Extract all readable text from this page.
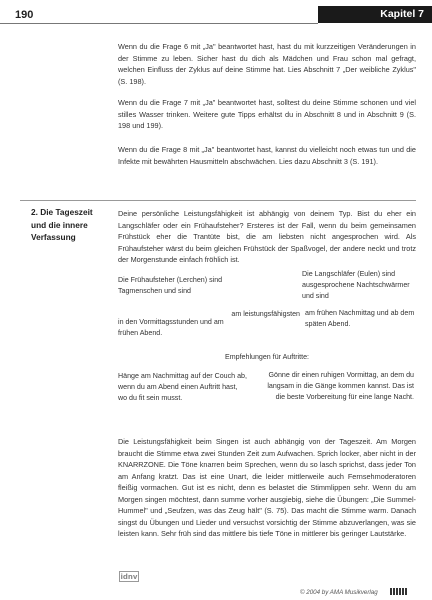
190	Kapitel 7

Wenn du die Frage 6 mit „Ja" beantwortet hast, hast du mit kurzzeitigen Veränderungen in der Stimme zu leben. Sicher hast du dich als Mädchen und Frau schon mal gefragt, welchen Einfluss der Zyklus auf deine Stimme hat. Lies Abschnitt 7 „Der weibliche Zyklus" (S. 198).

Wenn du die Frage 7 mit „Ja" beantwortet hast, solltest du deine Stimme schonen und viel stilles Wasser trinken. Weitere gute Tipps erhältst du in Abschnitt 8 und in Abschnitt 9 (S. 198 und 199).

Wenn du die Frage 8 mit „Ja" beantwortet hast, kannst du vielleicht noch etwas tun und die Infekte mit bewährten Hausmitteln abschwächen. Lies dazu Abschnitt 3 (S. 191).

2. Die Tageszeit und die innere Verfassung

Deine persönliche Leistungsfähigkeit ist abhängig von deinem Typ. Bist du eher ein Langschläfer oder ein Frühaufsteher? Ersteres ist der Fall, wenn du beim gemeinsamen Frühstück eher die Trantüte bist, die am liebsten nicht angesprochen wird. Als Frühaufsteher wärst du beim gleichen Frühstück der Spaßvogel, der andere neckt und trotz der Morgenstunde einfach fröhlich ist.

Die Frühaufsteher (Lerchen) sind Tagmenschen und sind

Die Langschläfer (Eulen) sind ausgesprochene Nachtschwärmer und sind

am leistungsfähigsten

in den Vormittagsstunden und am frühen Abend.

am frühen Nachmittag und ab dem späten Abend.

Empfehlungen für Auftritte:

Hänge am Nachmittag auf der Couch ab, wenn du am Abend einen Auftritt hast, wo du fit sein musst.

Gönne dir einen ruhigen Vormittag, an dem du langsam in die Gänge kommen kannst. Das ist die beste Vorbereitung für eine lange Nacht.

Die Leistungsfähigkeit beim Singen ist auch abhängig von der Tageszeit. Am Morgen braucht die Stimme etwa zwei Stunden Zeit zum Aufwachen. Sprich locker, aber nicht in der KNARRZONE. Die Töne knarren beim Sprechen, wenn du so lasch sprichst, dass jeder Ton am Anfang kratzt. Das ist eine Unart, die leider mittlerweile auch Fernsehmoderatoren fleißig vormachen. Gut ist es nicht, denn es belastet die Stimmlippen sehr. Wenn du am Morgen singen möchtest, dann summe vorher ausgiebig, siehe die Übungen: „Die Summel-Hummel" und „Seufzen, was das Zeug hält" (S. 75). Das macht die Stimme warm. Danach singst du Übungen und Lieder und versuchst vorsichtig der Stimme abzuverlangen, was sie leisten kann. Sehr früh sind das mittlere bis tiefe Töne in mittlerer bis geringer Lautstärke.

idnv
© 2004 by AMA Musikverlag
